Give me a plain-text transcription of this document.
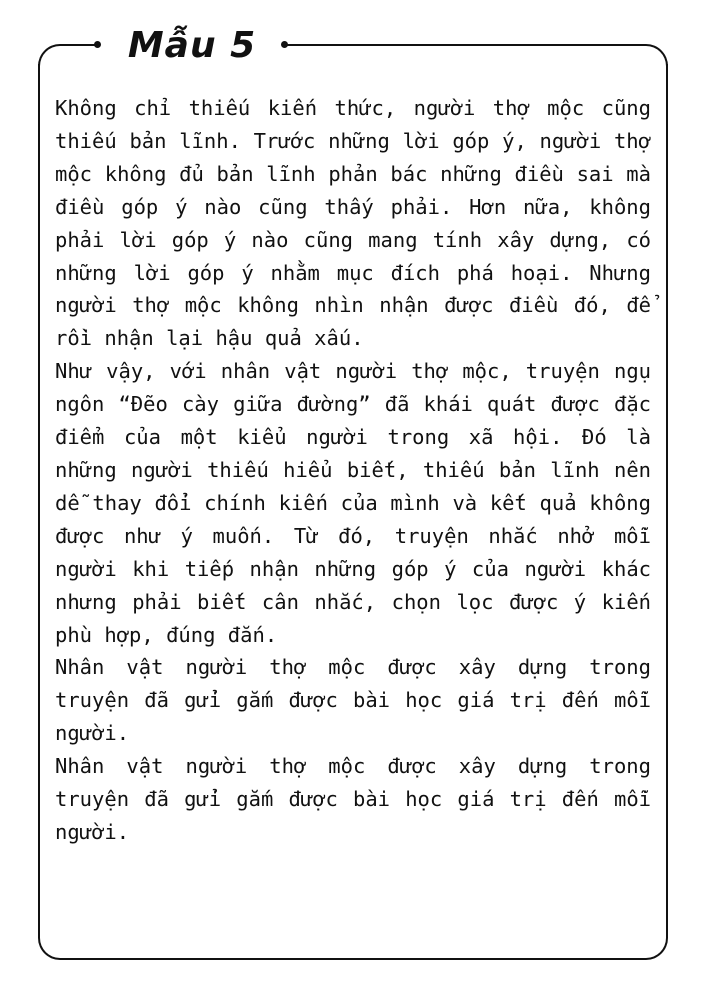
Mẫu 5

Không chỉ thiếu kiến thức, người thợ mộc cũng thiếu bản lĩnh. Trước những lời góp ý, người thợ mộc không đủ bản lĩnh phản bác những điều sai mà điều góp ý nào cũng thấy phải. Hơn nữa, không phải lời góp ý nào cũng mang tính xây dựng, có những lời góp ý nhằm mục đích phá hoại. Nhưng người thợ mộc không nhìn nhận được điều đó, để rồi nhận lại hậu quả xấu.

Như vậy, với nhân vật người thợ mộc, truyện ngụ ngôn “Đẽo cày giữa đường” đã khái quát được đặc điểm của một kiểu người trong xã hội. Đó là những người thiếu hiểu biết, thiếu bản lĩnh nên dễ thay đổi chính kiến của mình và kết quả không được như ý muốn. Từ đó, truyện nhắc nhở mỗi người khi tiếp nhận những góp ý của người khác nhưng phải biết cân nhắc, chọn lọc được ý kiến phù hợp, đúng đắn.

Nhân vật người thợ mộc được xây dựng trong truyện đã gửi gắm được bài học giá trị đến mỗi người.

Nhân vật người thợ mộc được xây dựng trong truyện đã gửi gắm được bài học giá trị đến mỗi người.
